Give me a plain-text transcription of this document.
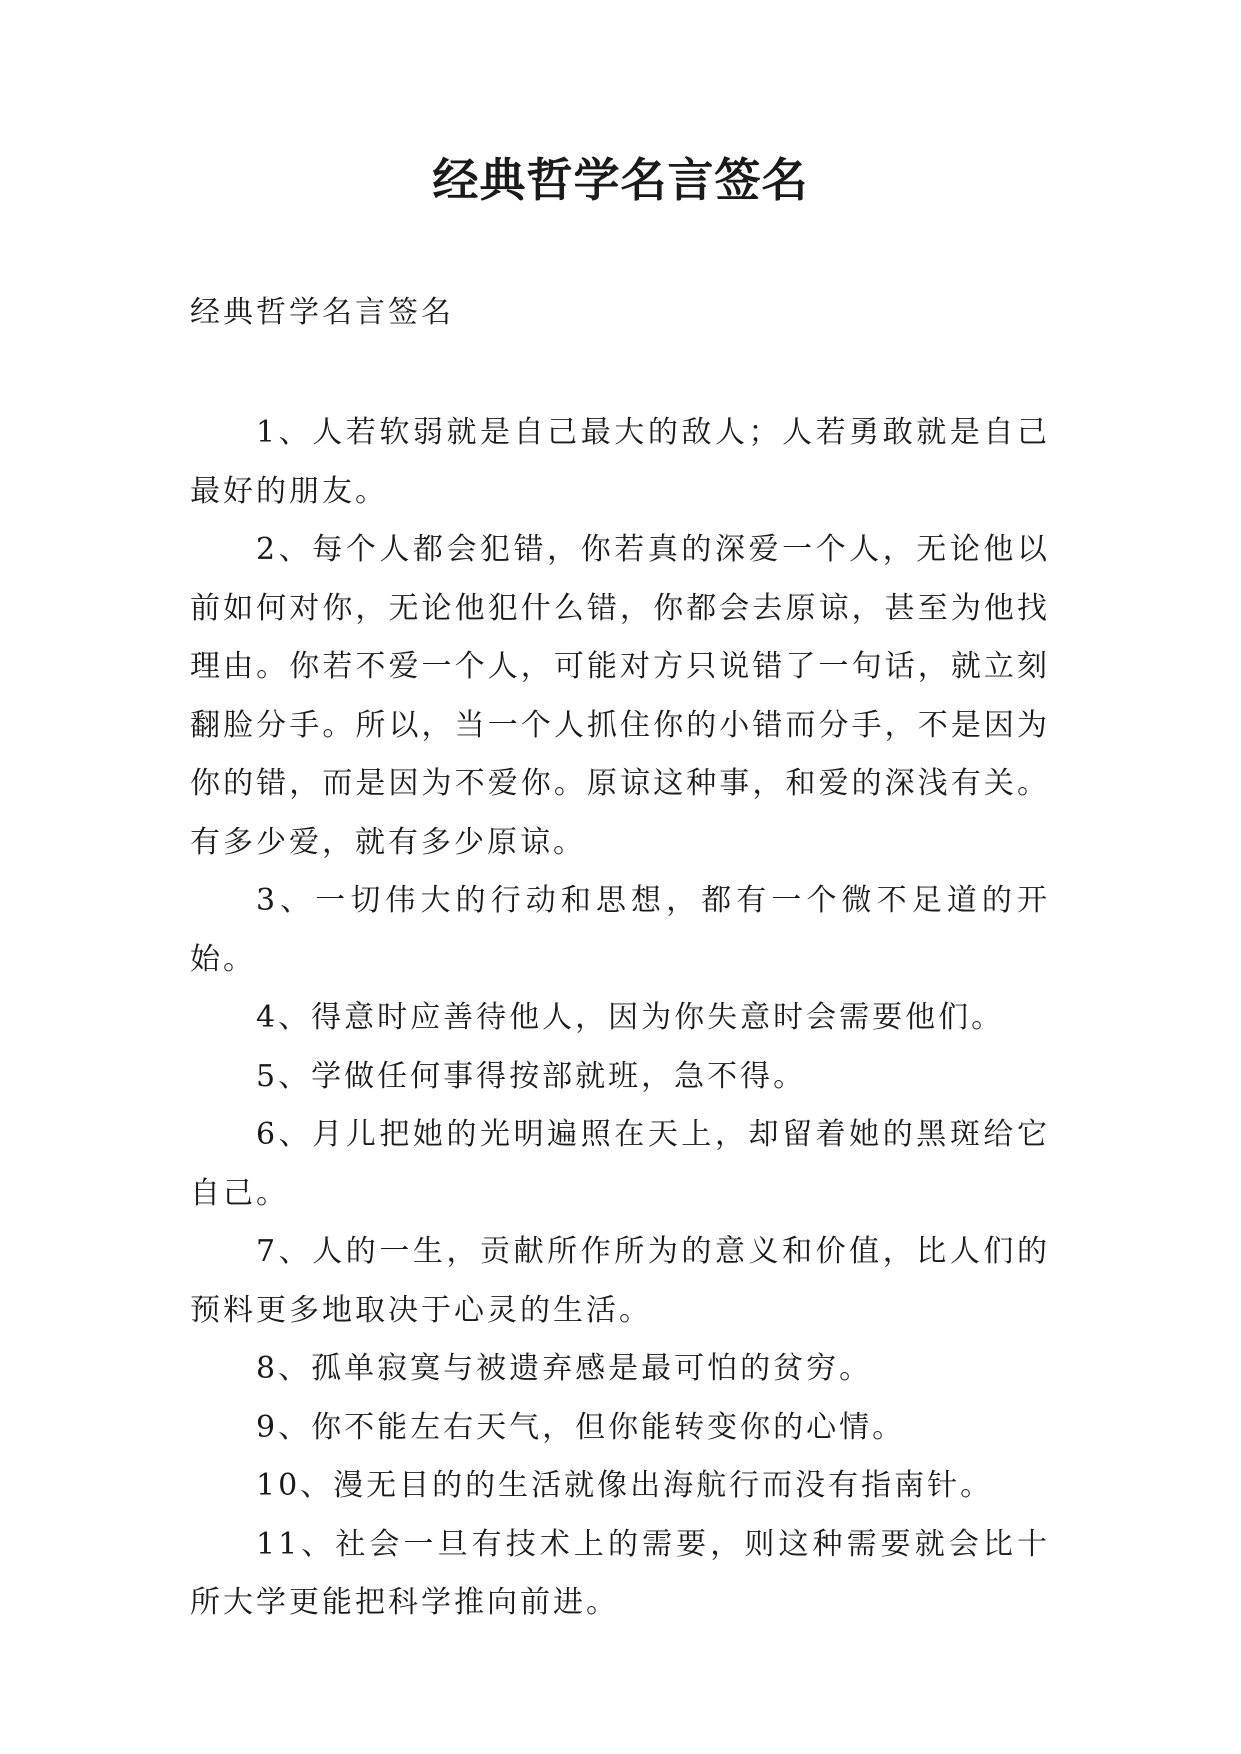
经典哲学名言签名

经典哲学名言签名

1、人若软弱就是自己最大的敌人；人若勇敢就是自己最好的朋友。

2、每个人都会犯错，你若真的深爱一个人，无论他以前如何对你，无论他犯什么错，你都会去原谅，甚至为他找理由。你若不爱一个人，可能对方只说错了一句话，就立刻翻脸分手。所以，当一个人抓住你的小错而分手，不是因为你的错，而是因为不爱你。原谅这种事，和爱的深浅有关。有多少爱，就有多少原谅。

3、一切伟大的行动和思想，都有一个微不足道的开始。

4、得意时应善待他人，因为你失意时会需要他们。

5、学做任何事得按部就班，急不得。

6、月儿把她的光明遍照在天上，却留着她的黑斑给它自己。

7、人的一生，贡献所作所为的意义和价值，比人们的预料更多地取决于心灵的生活。

8、孤单寂寞与被遗弃感是最可怕的贫穷。

9、你不能左右天气，但你能转变你的心情。

10、漫无目的的生活就像出海航行而没有指南针。

11、社会一旦有技术上的需要，则这种需要就会比十所大学更能把科学推向前进。
